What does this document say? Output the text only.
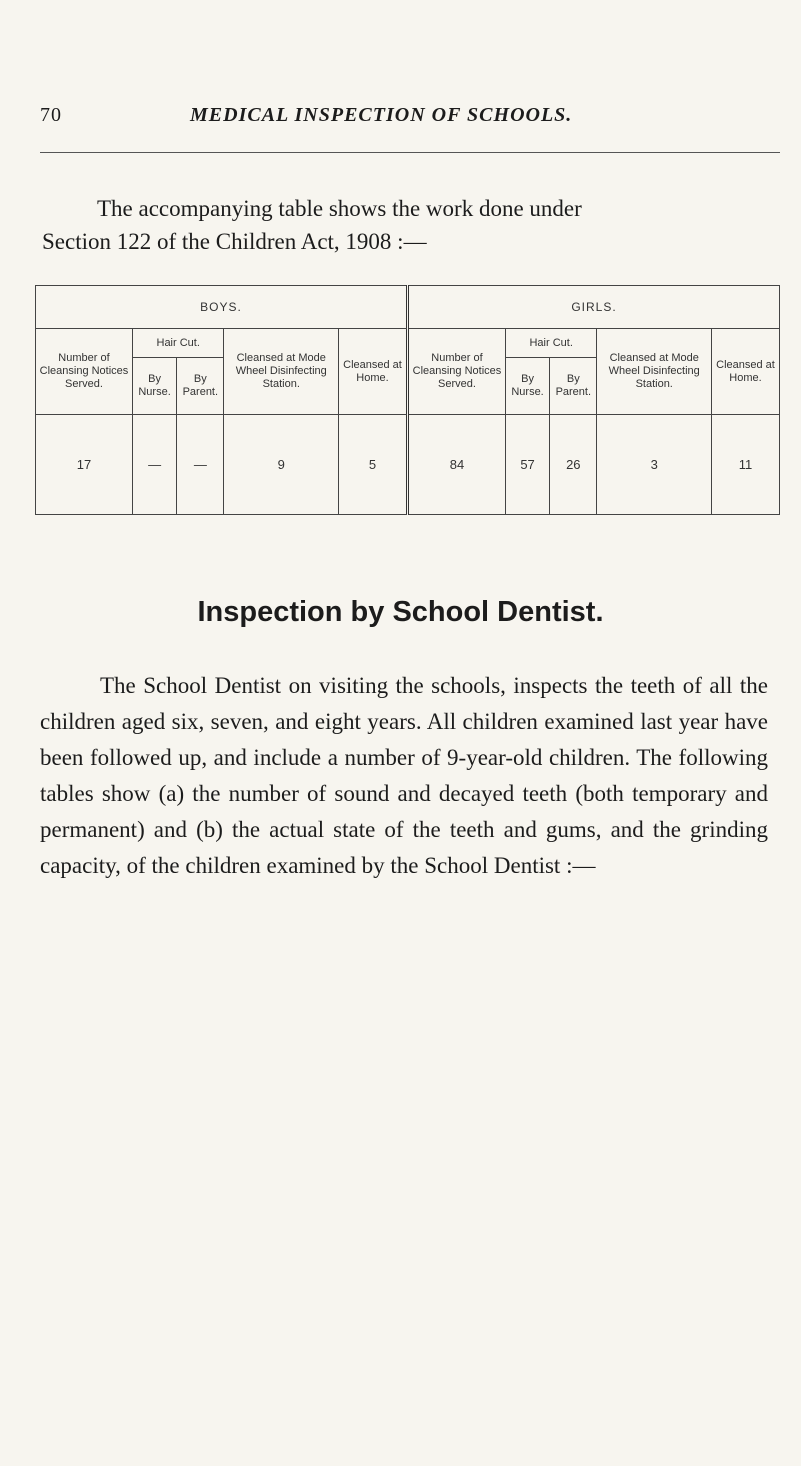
70	MEDICAL INSPECTION OF SCHOOLS.

The accompanying table shows the work done under

Section 122 of the Children Act, 1908 :—

BOYS.					GIRLS.				
Number of Cleansing Notices Served.	Hair Cut.		Cleansed at Mode Wheel Disinfecting Station.	Cleansed at Home.	Number of Cleansing Notices Served.	Hair Cut.		Cleansed at Mode Wheel Disinfecting Station.	Cleansed at Home.
	By Nurse.	By Parent.				By Nurse.	By Parent.		
17	—	—	9	5	84	57	26	3	11
Inspection by School Dentist.

The School Dentist on visiting the schools, inspects the teeth of all the children aged six, seven, and eight years. All children examined last year have been followed up, and include a number of 9-year-old children. The following tables show (a) the number of sound and decayed teeth (both temporary and permanent) and (b) the actual state of the teeth and gums, and the grinding capacity, of the children examined by the School Dentist :—
